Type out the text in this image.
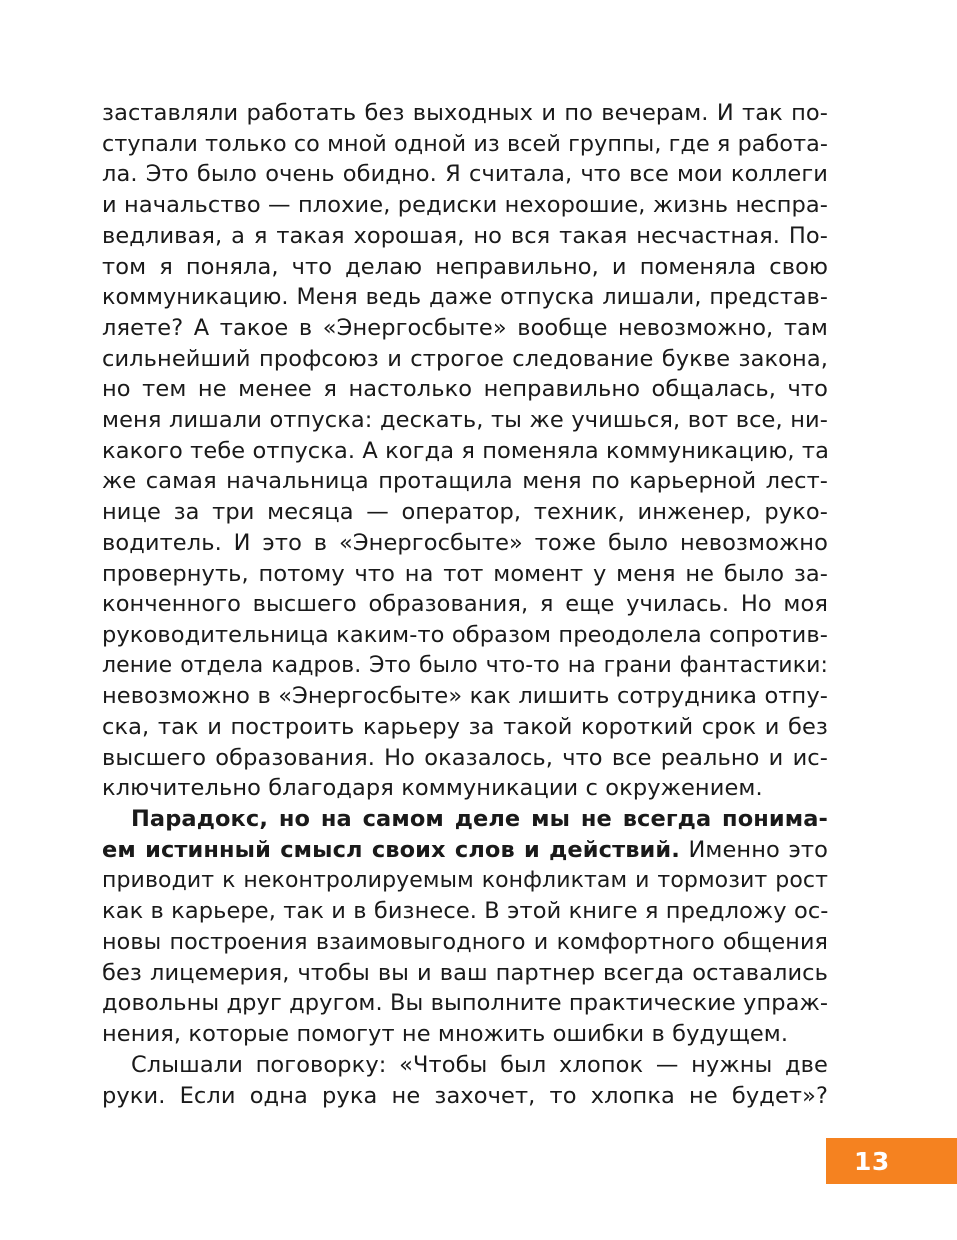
заставляли работать без выходных и по вечерам. И так по-
ступали только со мной одной из всей группы, где я работа-
ла. Это было очень обидно. Я считала, что все мои коллеги
и начальство — плохие, редиски нехорошие, жизнь неспра-
ведливая, а я такая хорошая, но вся такая несчастная. По-
том я поняла, что делаю неправильно, и поменяла свою
коммуникацию. Меня ведь даже отпуска лишали, представ-
ляете? А такое в «Энергосбыте» вообще невозможно, там
сильнейший профсоюз и строгое следование букве закона,
но тем не менее я настолько неправильно общалась, что
меня лишали отпуска: дескать, ты же учишься, вот все, ни-
какого тебе отпуска. А когда я поменяла коммуникацию, та
же самая начальница протащила меня по карьерной лест-
нице за три месяца — оператор, техник, инженер, руко-
водитель. И это в «Энергосбыте» тоже было невозможно
провернуть, потому что на тот момент у меня не было за-
конченного высшего образования, я еще училась. Но моя
руководительница каким-то образом преодолела сопротив-
ление отдела кадров. Это было что-то на грани фантастики:
невозможно в «Энергосбыте» как лишить сотрудника отпу-
ска, так и построить карьеру за такой короткий срок и без
высшего образования. Но оказалось, что все реально и ис-
ключительно благодаря коммуникации с окружением.

Парадокс, но на самом деле мы не всегда понима-
ем истинный смысл своих слов и действий. Именно это
приводит к неконтролируемым конфликтам и тормозит рост
как в карьере, так и в бизнесе. В этой книге я предложу ос-
новы построения взаимовыгодного и комфортного общения
без лицемерия, чтобы вы и ваш партнер всегда оставались
довольны друг другом. Вы выполните практические упраж-
нения, которые помогут не множить ошибки в будущем.

Слышали поговорку: «Чтобы был хлопок — нужны две
руки. Если одна рука не захочет, то хлопка не будет»?

13
